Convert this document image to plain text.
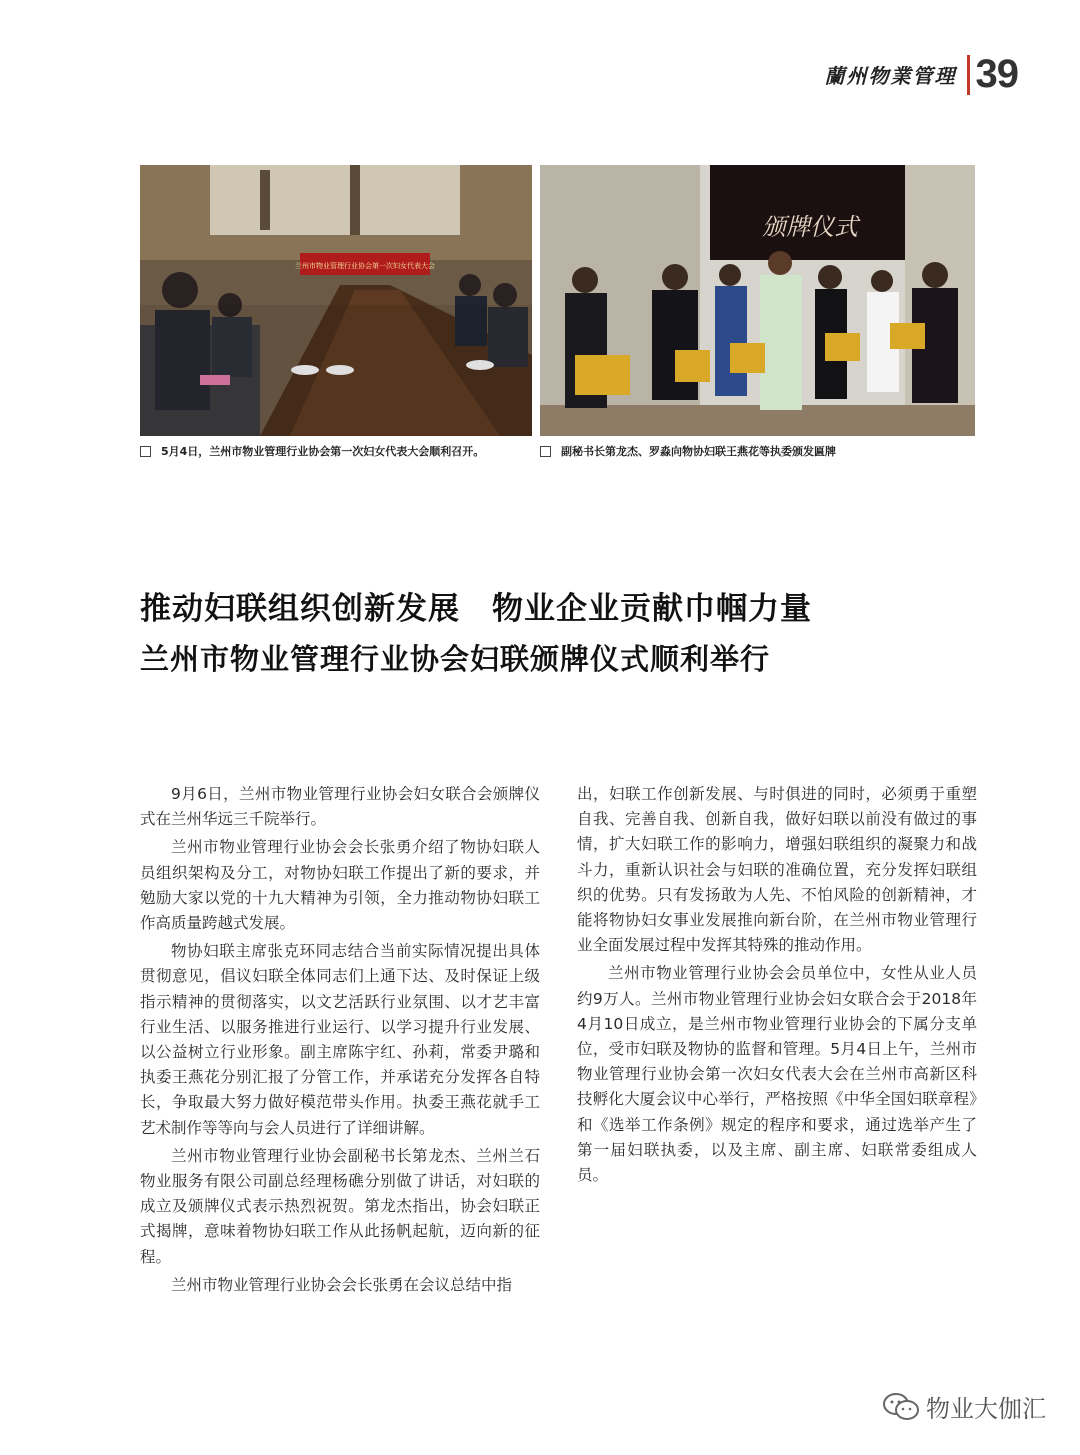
蘭州物業管理 39
兰州市物业管理行业协会第一次妇女代表大会
颁牌仪式
5月4日，兰州市物业管理行业协会第一次妇女代表大会顺利召开。	副秘书长第龙杰、罗淼向物协妇联王燕花等执委颁发匾牌
推动妇联组织创新发展　物业企业贡献巾帼力量
兰州市物业管理行业协会妇联颁牌仪式顺利举行

9月6日，兰州市物业管理行业协会妇女联合会颁牌仪式在兰州华远三千院举行。

兰州市物业管理行业协会会长张勇介绍了物协妇联人员组织架构及分工，对物协妇联工作提出了新的要求，并勉励大家以党的十九大精神为引领，全力推动物协妇联工作高质量跨越式发展。

物协妇联主席张克环同志结合当前实际情况提出具体贯彻意见，倡议妇联全体同志们上通下达、及时保证上级指示精神的贯彻落实，以文艺活跃行业氛围、以才艺丰富行业生活、以服务推进行业运行、以学习提升行业发展、以公益树立行业形象。副主席陈宇红、孙莉，常委尹璐和执委王燕花分别汇报了分管工作，并承诺充分发挥各自特长，争取最大努力做好模范带头作用。执委王燕花就手工艺术制作等等向与会人员进行了详细讲解。

兰州市物业管理行业协会副秘书长第龙杰、兰州兰石物业服务有限公司副总经理杨礁分别做了讲话，对妇联的成立及颁牌仪式表示热烈祝贺。第龙杰指出，协会妇联正式揭牌，意味着物协妇联工作从此扬帆起航，迈向新的征程。

兰州市物业管理行业协会会长张勇在会议总结中指

出，妇联工作创新发展、与时俱进的同时，必须勇于重塑自我、完善自我、创新自我，做好妇联以前没有做过的事情，扩大妇联工作的影响力，增强妇联组织的凝聚力和战斗力，重新认识社会与妇联的准确位置，充分发挥妇联组织的优势。只有发扬敢为人先、不怕风险的创新精神，才能将物协妇女事业发展推向新台阶，在兰州市物业管理行业全面发展过程中发挥其特殊的推动作用。

兰州市物业管理行业协会会员单位中，女性从业人员约9万人。兰州市物业管理行业协会妇女联合会于2018年4月10日成立，是兰州市物业管理行业协会的下属分支单位，受市妇联及物协的监督和管理。5月4日上午，兰州市物业管理行业协会第一次妇女代表大会在兰州市高新区科技孵化大厦会议中心举行，严格按照《中华全国妇联章程》和《选举工作条例》规定的程序和要求，通过选举产生了第一届妇联执委，以及主席、副主席、妇联常委组成人员。

物业大伽汇
